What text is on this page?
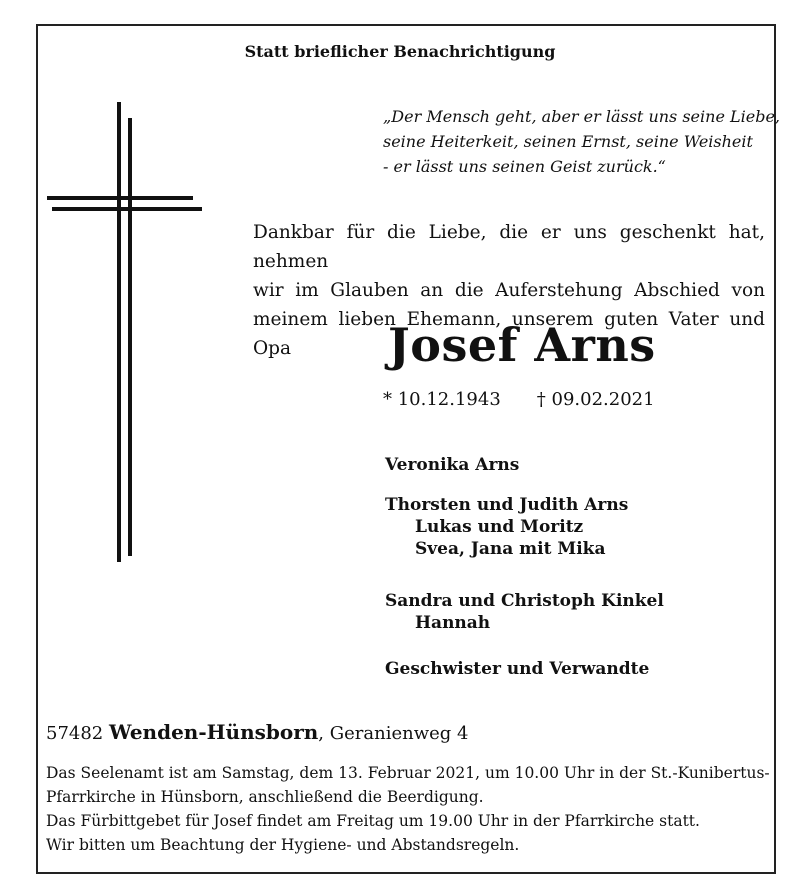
Statt brieflicher Benachrichtigung
„Der Mensch geht, aber er lässt uns seine Liebe,
seine Heiterkeit, seinen Ernst, seine Weisheit
- er lässt uns seinen Geist zurück.“
Dankbar für die Liebe, die er uns geschenkt hat, nehmen
wir im Glauben an die Auferstehung Abschied von
meinem lieben Ehemann, unserem guten Vater und Opa	Josef Arns
* 10.12.1943 † 09.02.2021
Veronika Arns
Thorsten und Judith Arns
Lukas und Moritz
Svea, Jana mit Mika
Sandra und Christoph Kinkel
Hannah
Geschwister und Verwandte
57482 Wenden-Hünsborn, Geranienweg 4
Das Seelenamt ist am Samstag, dem 13. Februar 2021, um 10.00 Uhr in der St.-Kunibertus-
Pfarrkirche in Hünsborn, anschließend die Beerdigung.
Das Fürbittgebet für Josef findet am Freitag um 19.00 Uhr in der Pfarrkirche statt.
Wir bitten um Beachtung der Hygiene- und Abstandsregeln.
